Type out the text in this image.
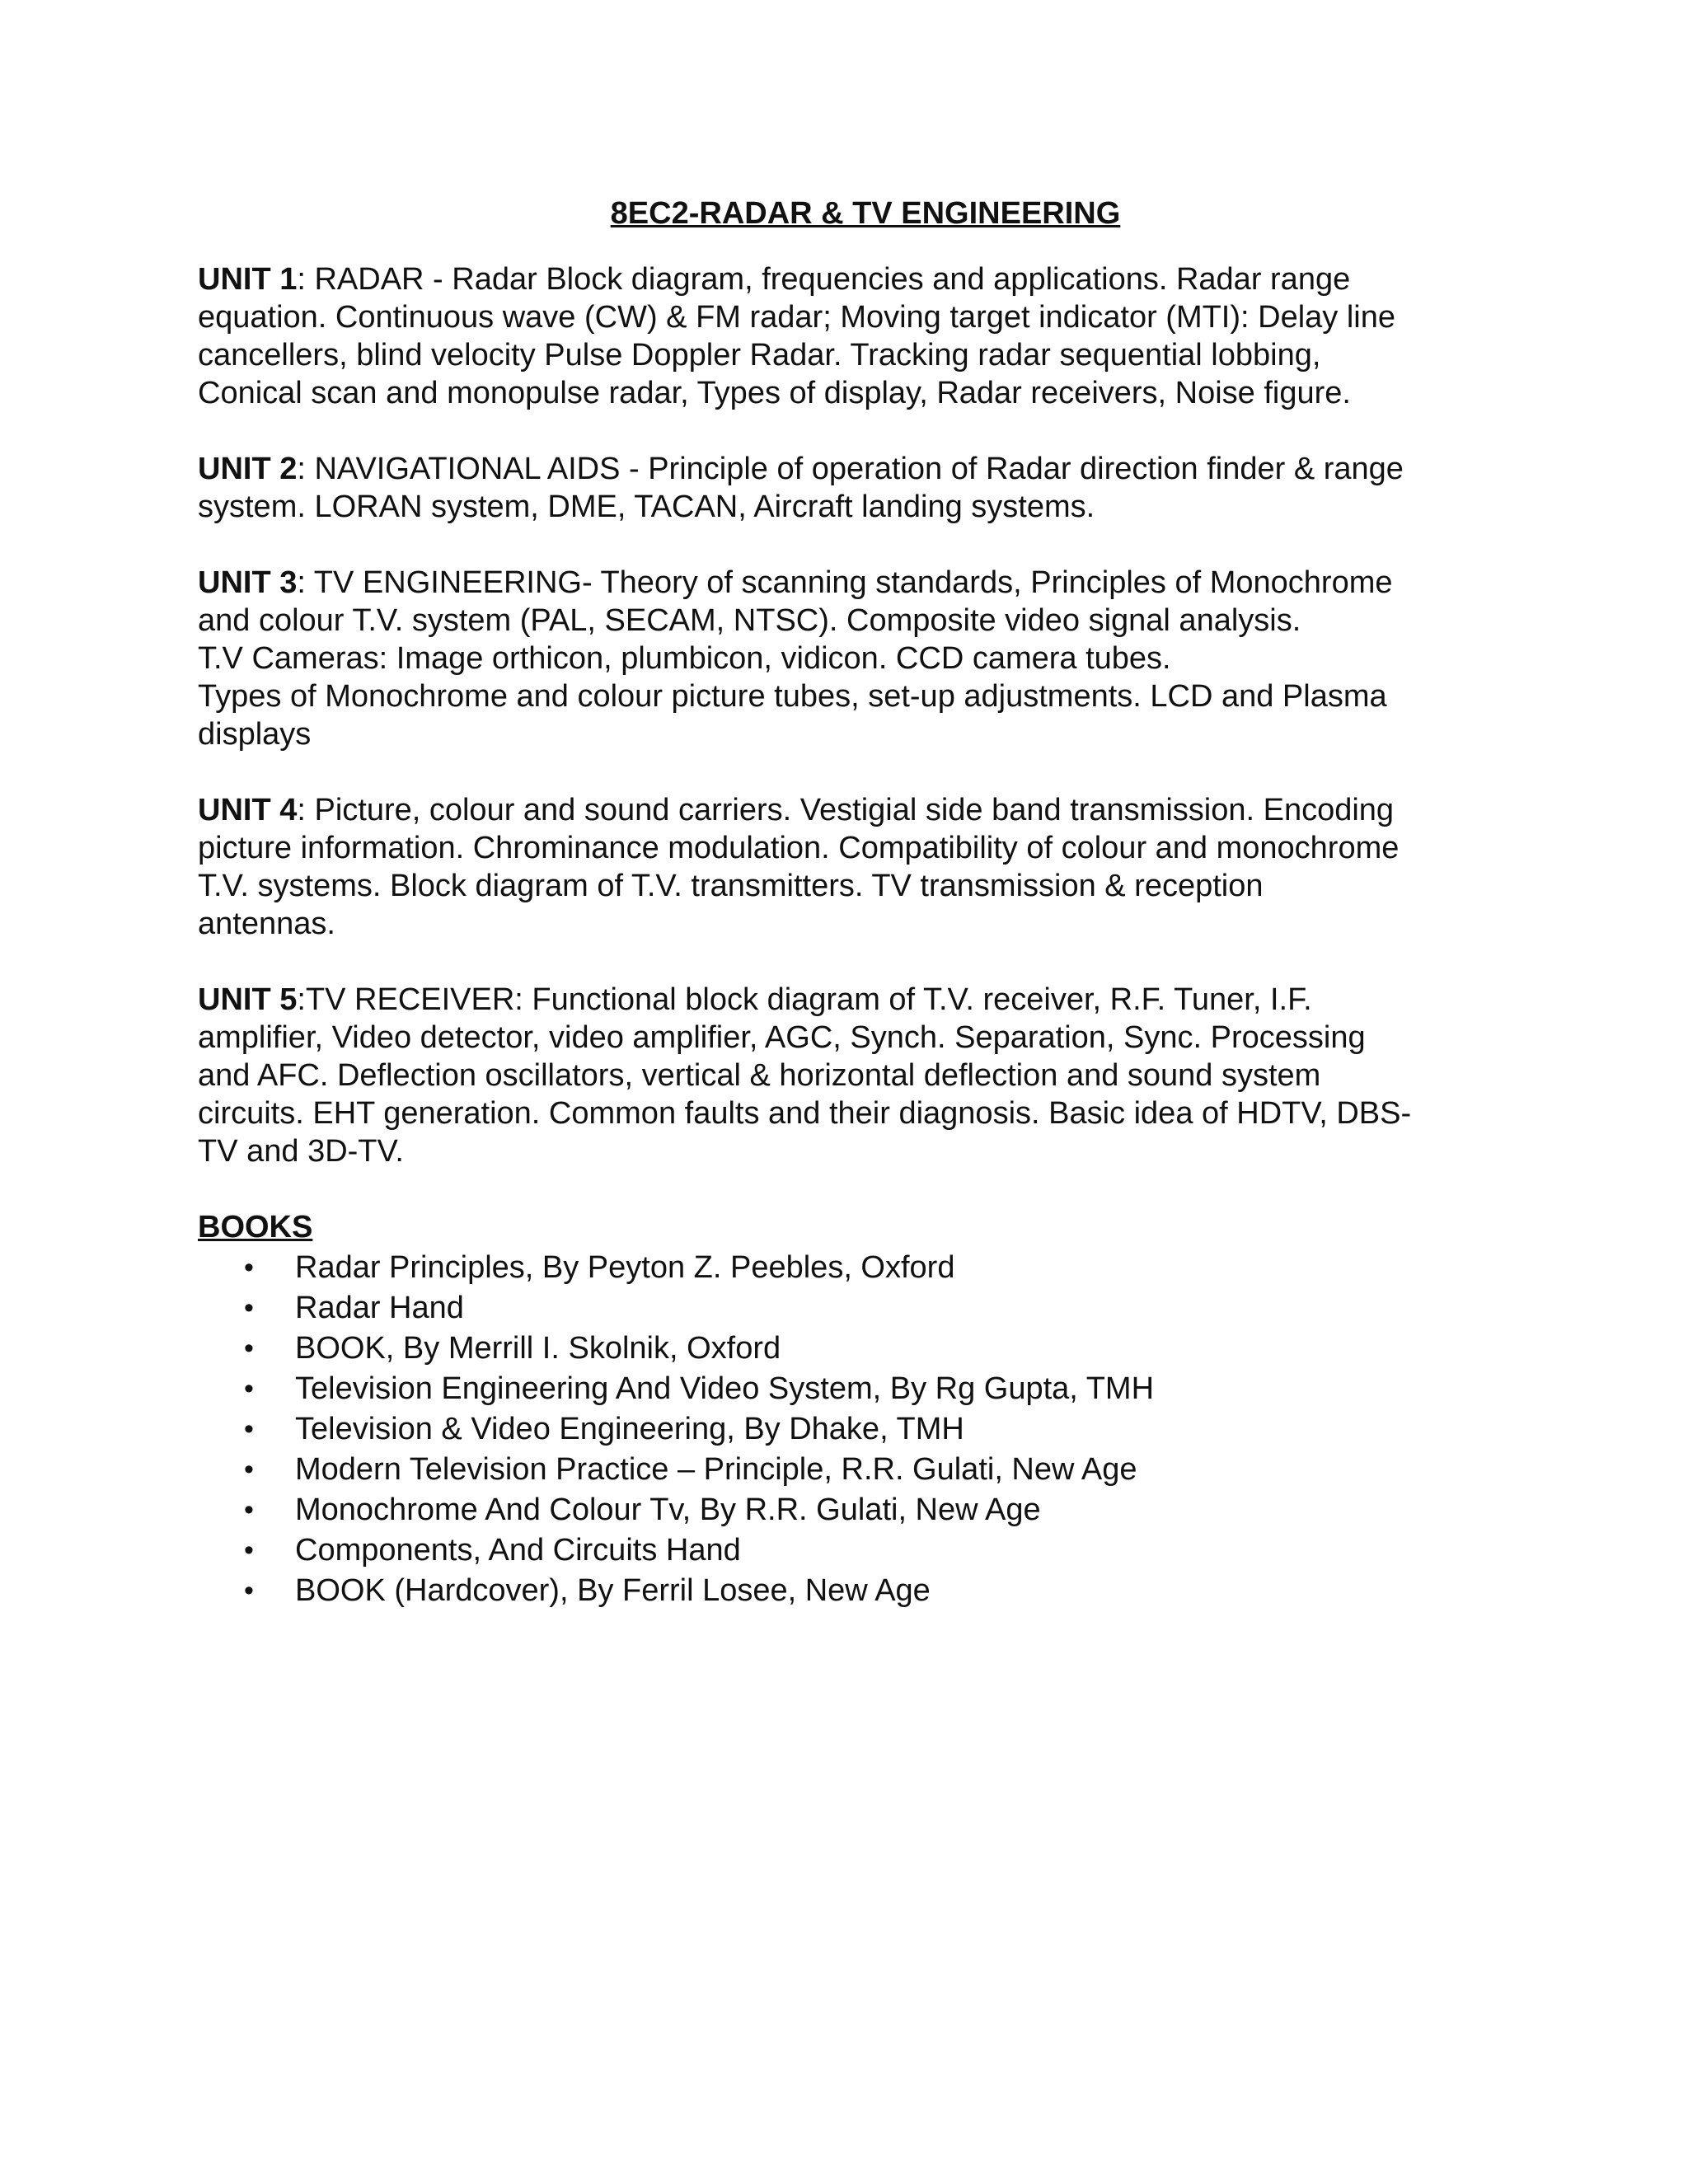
8EC2-RADAR & TV ENGINEERING
UNIT 1: RADAR - Radar Block diagram, frequencies and applications. Radar range
equation. Continuous wave (CW) & FM radar; Moving target indicator (MTI): Delay line
cancellers, blind velocity Pulse Doppler Radar. Tracking radar sequential lobbing,
Conical scan and monopulse radar, Types of display, Radar receivers, Noise figure.
UNIT 2: NAVIGATIONAL AIDS - Principle of operation of Radar direction finder & range
system. LORAN system, DME, TACAN, Aircraft landing systems.
UNIT 3: TV ENGINEERING- Theory of scanning standards, Principles of Monochrome
and colour T.V. system (PAL, SECAM, NTSC). Composite video signal analysis.
T.V Cameras: Image orthicon, plumbicon, vidicon. CCD camera tubes.
Types of Monochrome and colour picture tubes, set-up adjustments. LCD and Plasma
displays
UNIT 4: Picture, colour and sound carriers. Vestigial side band transmission. Encoding
picture information. Chrominance modulation. Compatibility of colour and monochrome
T.V. systems. Block diagram of T.V. transmitters. TV transmission & reception
antennas.
UNIT 5:TV RECEIVER: Functional block diagram of T.V. receiver, R.F. Tuner, I.F.
amplifier, Video detector, video amplifier, AGC, Synch. Separation, Sync. Processing
and AFC. Deflection oscillators, vertical & horizontal deflection and sound system
circuits. EHT generation. Common faults and their diagnosis. Basic idea of HDTV, DBS-
TV and 3D-TV.
BOOKS
• Radar Principles, By Peyton Z. Peebles, Oxford
• Radar Hand
• BOOK, By Merrill I. Skolnik, Oxford
• Television Engineering And Video System, By Rg Gupta, TMH
• Television & Video Engineering, By Dhake, TMH
• Modern Television Practice – Principle, R.R. Gulati, New Age
• Monochrome And Colour Tv, By R.R. Gulati, New Age
• Components, And Circuits Hand
• BOOK (Hardcover), By Ferril Losee, New Age
